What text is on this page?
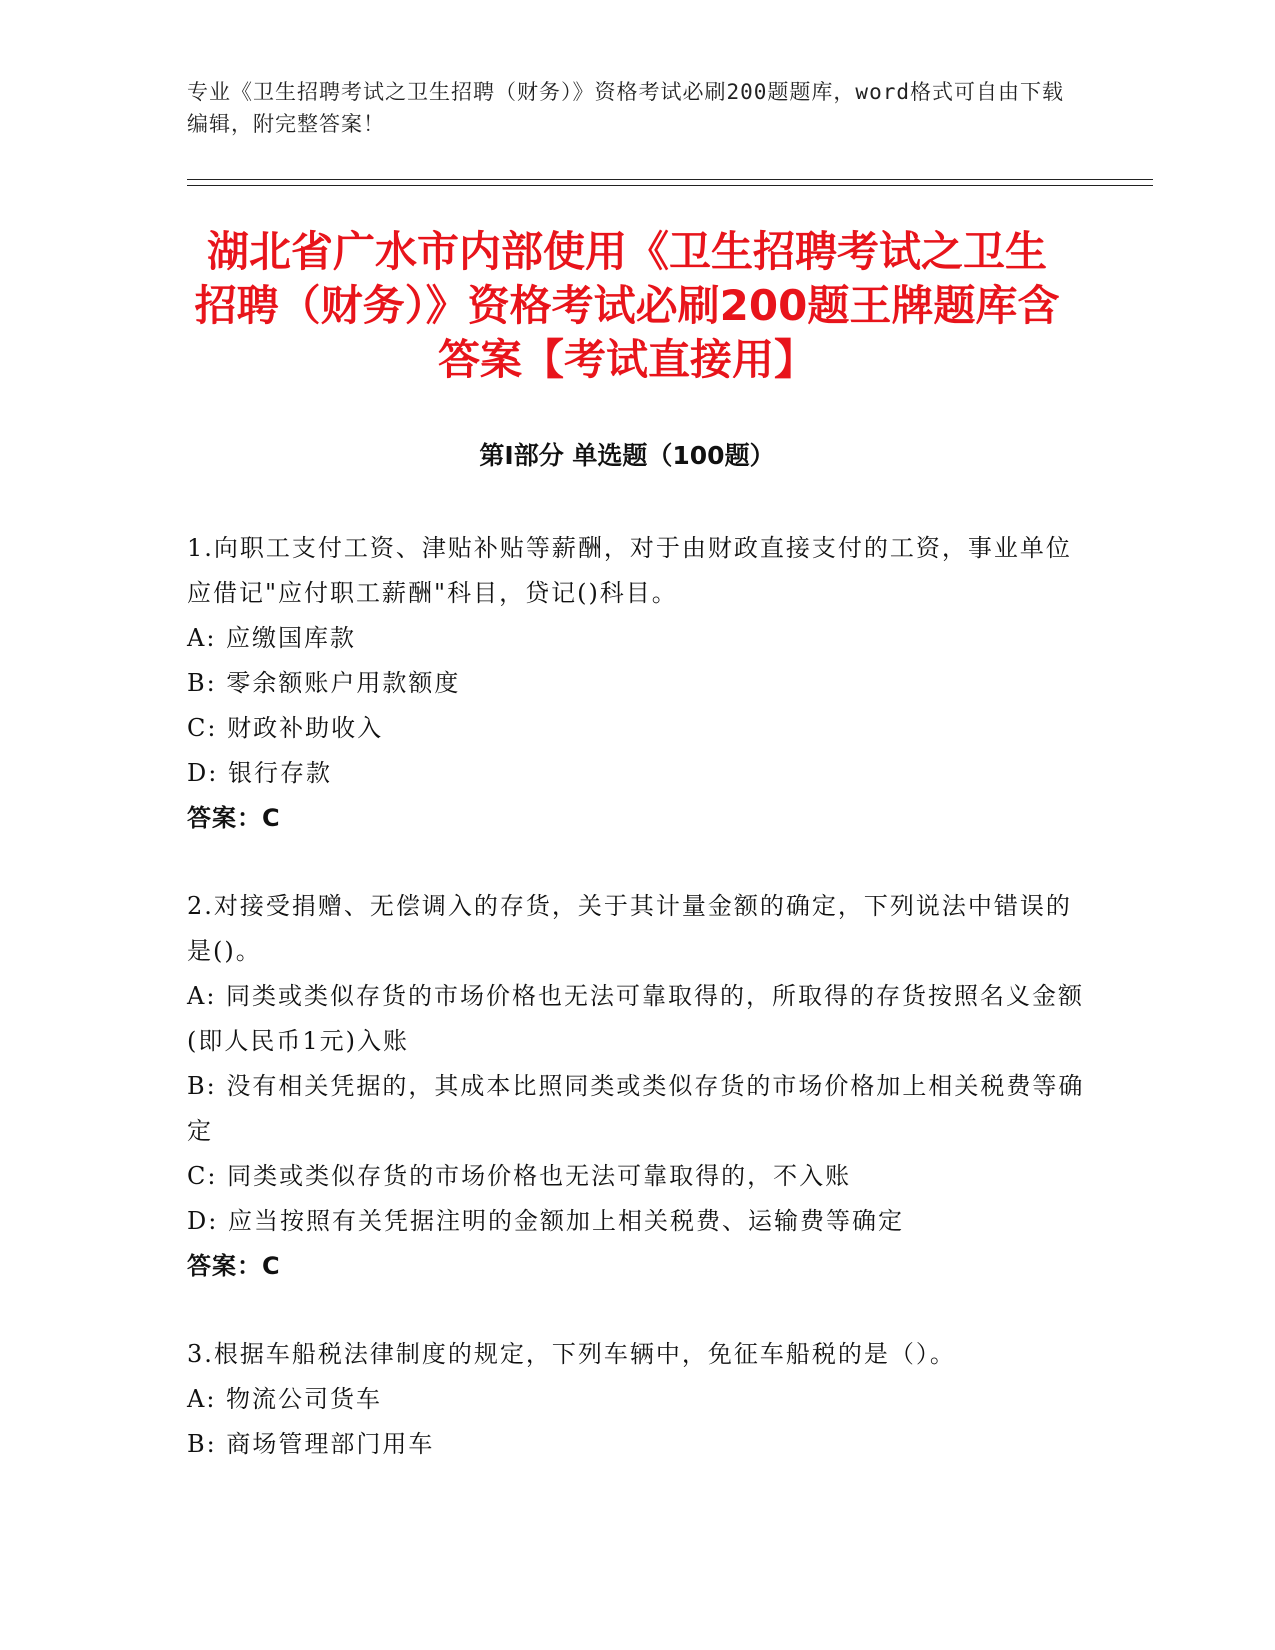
专业《卫生招聘考试之卫生招聘（财务）》资格考试必刷200题题库，word格式可自由下载编辑，附完整答案！
湖北省广水市内部使用《卫生招聘考试之卫生招聘（财务）》资格考试必刷200题王牌题库含答案【考试直接用】
第I部分 单选题（100题）

1.向职工支付工资、津贴补贴等薪酬，对于由财政直接支付的工资，事业单位应借记"应付职工薪酬"科目，贷记()科目。

A: 应缴国库款

B: 零余额账户用款额度

C: 财政补助收入

D: 银行存款

答案：C

2.对接受捐赠、无偿调入的存货，关于其计量金额的确定，下列说法中错误的是()。

A: 同类或类似存货的市场价格也无法可靠取得的，所取得的存货按照名义金额(即人民币1元)入账

B: 没有相关凭据的，其成本比照同类或类似存货的市场价格加上相关税费等确定

C: 同类或类似存货的市场价格也无法可靠取得的，不入账

D: 应当按照有关凭据注明的金额加上相关税费、运输费等确定

答案：C

3.根据车船税法律制度的规定，下列车辆中，免征车船税的是（）。

A: 物流公司货车

B: 商场管理部门用车
